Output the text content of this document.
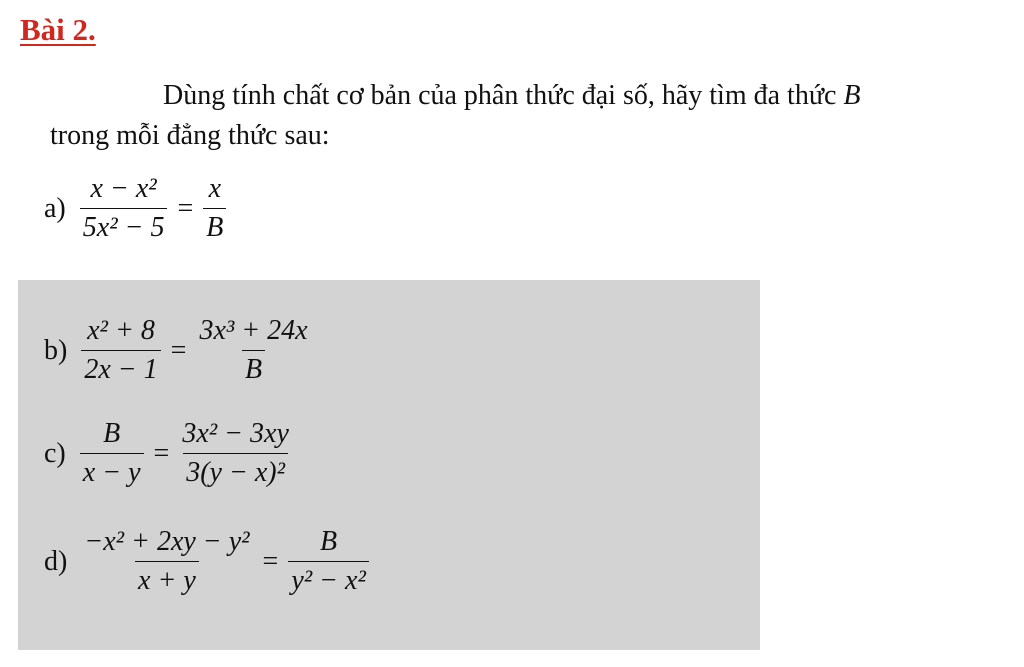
Bài 2.
Dùng tính chất cơ bản của phân thức đại số, hãy tìm đa thức B
trong mỗi đẳng thức sau:
$a) \frac{\text{x − x²}}{\text{5x² − 5}} = \frac{x}{B}$
$b) \frac{\text{x² + 8}}{2x - 1} = \frac{\text{3x³ + 24x}}{B}$
$c) \frac{B}{x - y} = \frac{\text{3x² − 3xy}}{\text{3(y − x)²}}$
$d) \frac{\text{−x² + 2xy − y²}}{x + y} = \frac{B}{\text{y² − x²}}$
